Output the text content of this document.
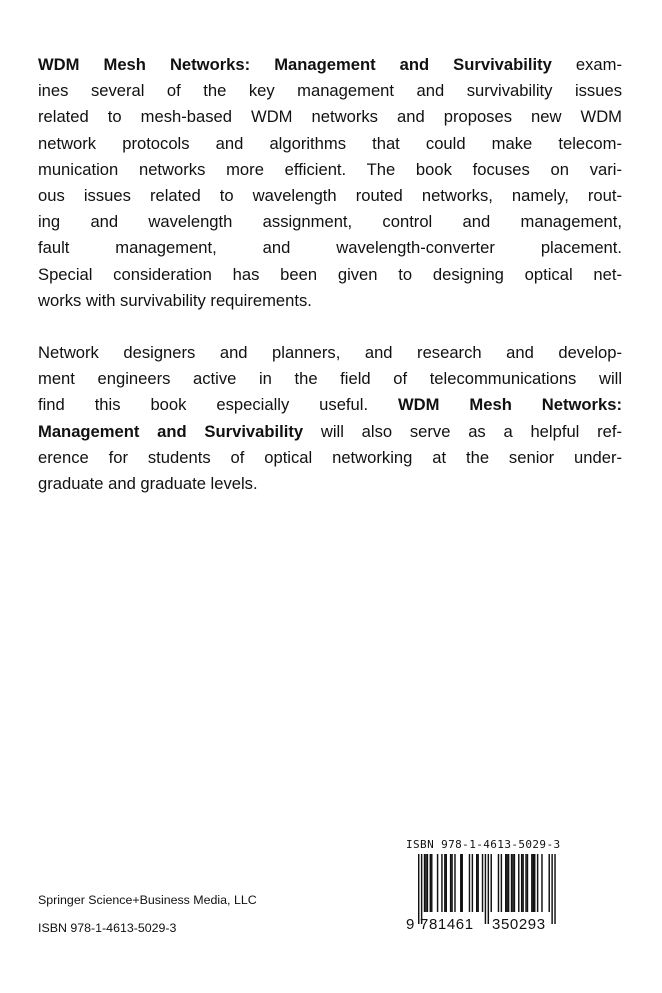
WDM Mesh Networks: Management and Survivability exam-
ines several of the key management and survivability issues
related to mesh-based WDM networks and proposes new WDM
network protocols and algorithms that could make telecom-
munication networks more efficient. The book focuses on vari-
ous issues related to wavelength routed networks, namely, rout-
ing and wavelength assignment, control and management,
fault management, and wavelength-converter placement.
Special consideration has been given to designing optical net-
works with survivability requirements.

Network designers and planners, and research and develop-
ment engineers active in the field of telecommunications will
find this book especially useful. WDM Mesh Networks:
Management and Survivability will also serve as a helpful ref-
erence for students of optical networking at the senior under-
graduate and graduate levels.

Springer Science+Business Media, LLC
ISBN 978-1-4613-5029-3
ISBN 978-1-4613-5029-3
9 781461 350293
